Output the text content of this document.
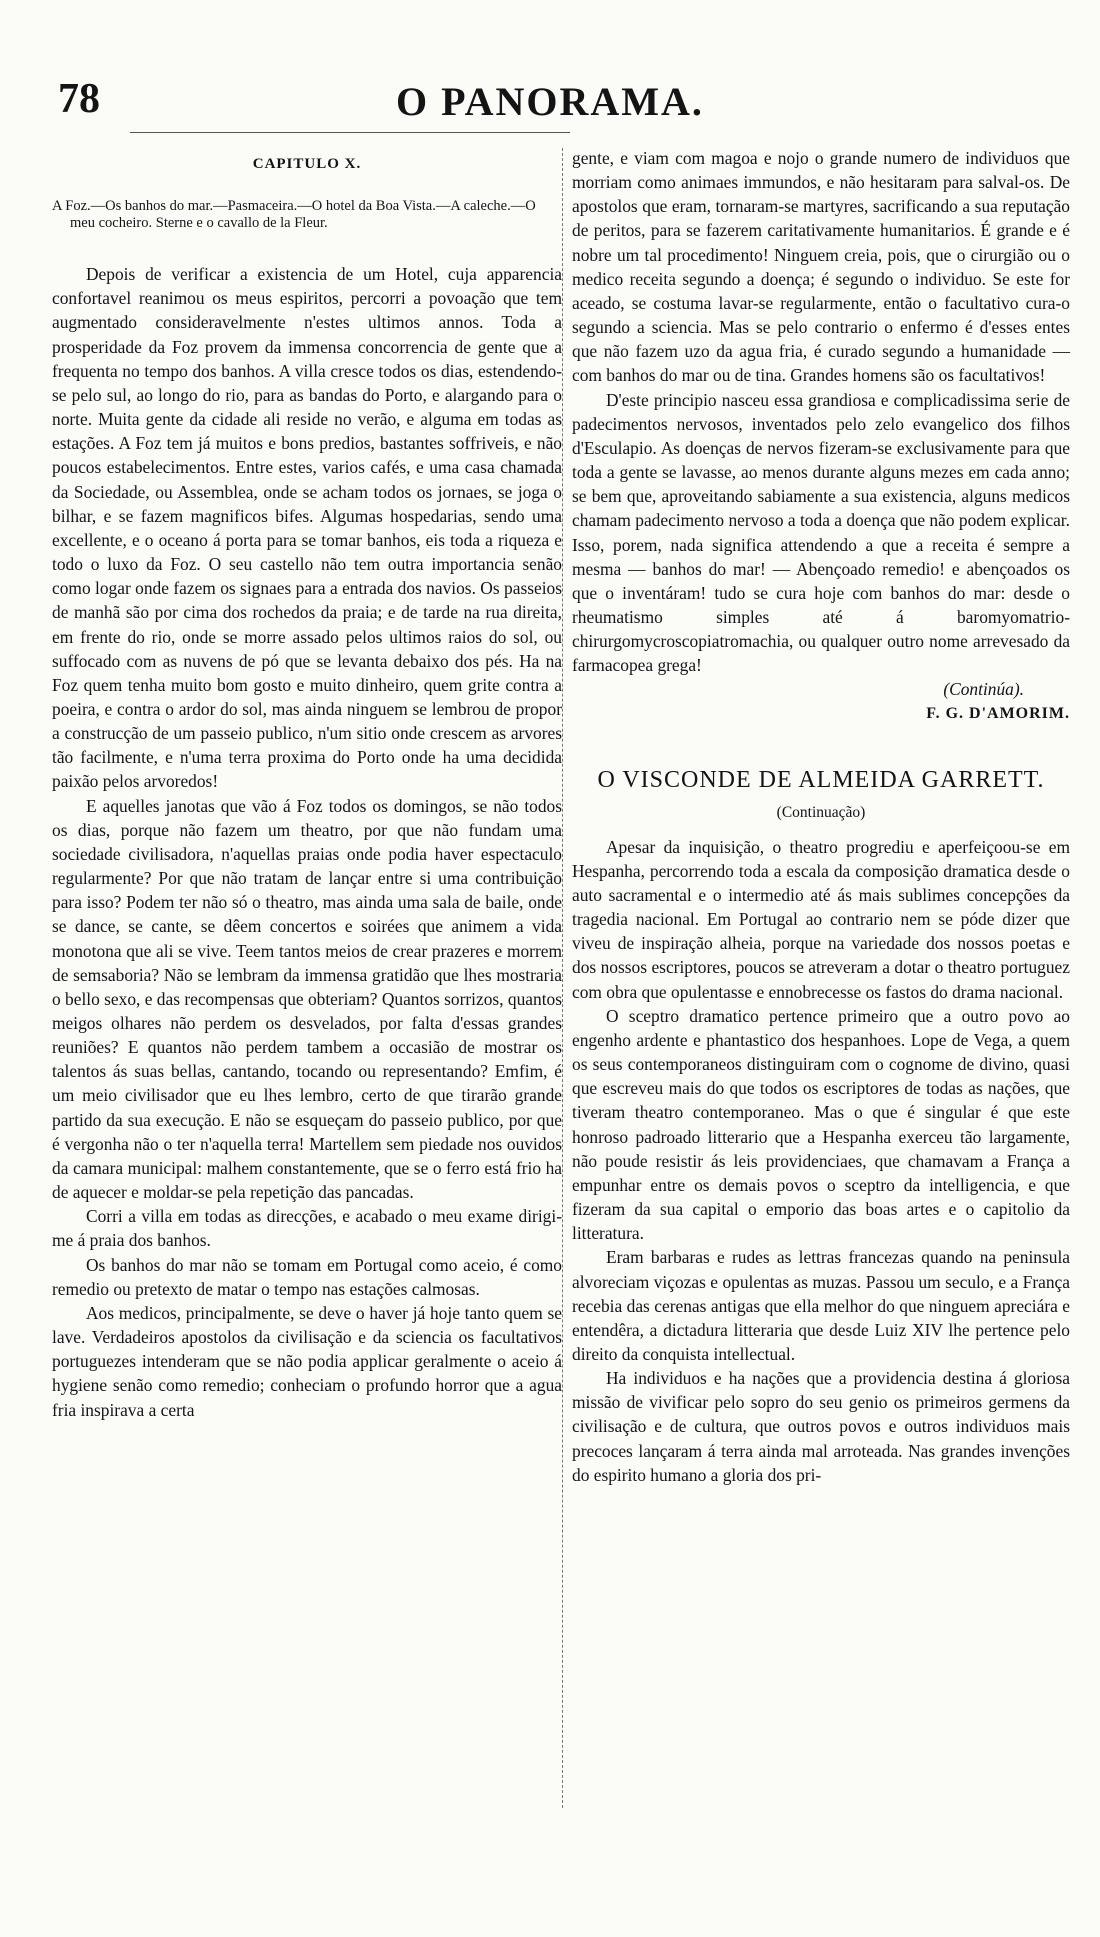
78	O PANORAMA.
CAPITULO X.

A Foz.—Os banhos do mar.—Pasmaceira.—O hotel da Boa Vista.—A caleche.—O meu cocheiro. Sterne e o cavallo de la Fleur.

Depois de verificar a existencia de um Hotel, cuja apparencia confortavel reanimou os meus espiritos, percorri a povoação que tem augmentado consideravelmente n'estes ultimos annos. Toda a prosperidade da Foz provem da immensa concorrencia de gente que a frequenta no tempo dos banhos. A villa cresce todos os dias, estendendo-se pelo sul, ao longo do rio, para as bandas do Porto, e alargando para o norte. Muita gente da cidade ali reside no verão, e alguma em todas as estações. A Foz tem já muitos e bons predios, bastantes soffriveis, e não poucos estabelecimentos. Entre estes, varios cafés, e uma casa chamada da Sociedade, ou Assemblea, onde se acham todos os jornaes, se joga o bilhar, e se fazem magnificos bifes. Algumas hospedarias, sendo uma excellente, e o oceano á porta para se tomar banhos, eis toda a riqueza e todo o luxo da Foz. O seu castello não tem outra importancia senão como logar onde fazem os signaes para a entrada dos navios. Os passeios de manhã são por cima dos rochedos da praia; e de tarde na rua direita, em frente do rio, onde se morre assado pelos ultimos raios do sol, ou suffocado com as nuvens de pó que se levanta debaixo dos pés. Ha na Foz quem tenha muito bom gosto e muito dinheiro, quem grite contra a poeira, e contra o ardor do sol, mas ainda ninguem se lembrou de propor a construcção de um passeio publico, n'um sitio onde crescem as arvores tão facilmente, e n'uma terra proxima do Porto onde ha uma decidida paixão pelos arvoredos!

E aquelles janotas que vão á Foz todos os domingos, se não todos os dias, porque não fazem um theatro, por que não fundam uma sociedade civilisadora, n'aquellas praias onde podia haver espectaculo regularmente? Por que não tratam de lançar entre si uma contribuição para isso? Podem ter não só o theatro, mas ainda uma sala de baile, onde se dance, se cante, se dêem concertos e soirées que animem a vida monotona que ali se vive. Teem tantos meios de crear prazeres e morrem de semsaboria? Não se lembram da immensa gratidão que lhes mostraria o bello sexo, e das recompensas que obteriam? Quantos sorrizos, quantos meigos olhares não perdem os desvelados, por falta d'essas grandes reuniões? E quantos não perdem tambem a occasião de mostrar os talentos ás suas bellas, cantando, tocando ou representando? Emfim, é um meio civilisador que eu lhes lembro, certo de que tirarão grande partido da sua execução. E não se esqueçam do passeio publico, por que é vergonha não o ter n'aquella terra! Martellem sem piedade nos ouvidos da camara municipal: malhem constantemente, que se o ferro está frio ha de aquecer e moldar-se pela repetição das pancadas.

Corri a villa em todas as direcções, e acabado o meu exame dirigi-me á praia dos banhos.

Os banhos do mar não se tomam em Portugal como aceio, é como remedio ou pretexto de matar o tempo nas estações calmosas.

Aos medicos, principalmente, se deve o haver já hoje tanto quem se lave. Verdadeiros apostolos da civilisação e da sciencia os facultativos portuguezes intenderam que se não podia applicar geralmente o aceio á hygiene senão como remedio; conheciam o profundo horror que a agua fria inspirava a certa

gente, e viam com magoa e nojo o grande numero de individuos que morriam como animaes immundos, e não hesitaram para salval-os. De apostolos que eram, tornaram-se martyres, sacrificando a sua reputação de peritos, para se fazerem caritativamente humanitarios. É grande e é nobre um tal procedimento! Ninguem creia, pois, que o cirurgião ou o medico receita segundo a doença; é segundo o individuo. Se este for aceado, se costuma lavar-se regularmente, então o facultativo cura-o segundo a sciencia. Mas se pelo contrario o enfermo é d'esses entes que não fazem uzo da agua fria, é curado segundo a humanidade — com banhos do mar ou de tina. Grandes homens são os facultativos!

D'este principio nasceu essa grandiosa e complicadissima serie de padecimentos nervosos, inventados pelo zelo evangelico dos filhos d'Esculapio. As doenças de nervos fizeram-se exclusivamente para que toda a gente se lavasse, ao menos durante alguns mezes em cada anno; se bem que, aproveitando sabiamente a sua existencia, alguns medicos chamam padecimento nervoso a toda a doença que não podem explicar. Isso, porem, nada significa attendendo a que a receita é sempre a mesma — banhos do mar! — Abençoado remedio! e abençoados os que o inventáram! tudo se cura hoje com banhos do mar: desde o rheumatismo simples até á baromyomatrio-chirurgomycroscopiatromachia, ou qualquer outro nome arrevesado da farmacopea grega!

(Continúa).

F. G. D'AMORIM.

O VISCONDE DE ALMEIDA GARRETT.
(Continuação)

Apesar da inquisição, o theatro progrediu e aperfeiçoou-se em Hespanha, percorrendo toda a escala da composição dramatica desde o auto sacramental e o intermedio até ás mais sublimes concepções da tragedia nacional. Em Portugal ao contrario nem se póde dizer que viveu de inspiração alheia, porque na variedade dos nossos poetas e dos nossos escriptores, poucos se atreveram a dotar o theatro portuguez com obra que opulentasse e ennobrecesse os fastos do drama nacional.

O sceptro dramatico pertence primeiro que a outro povo ao engenho ardente e phantastico dos hespanhoes. Lope de Vega, a quem os seus contemporaneos distinguiram com o cognome de divino, quasi que escreveu mais do que todos os escriptores de todas as nações, que tiveram theatro contemporaneo. Mas o que é singular é que este honroso padroado litterario que a Hespanha exerceu tão largamente, não poude resistir ás leis providenciaes, que chamavam a França a empunhar entre os demais povos o sceptro da intelligencia, e que fizeram da sua capital o emporio das boas artes e o capitolio da litteratura.

Eram barbaras e rudes as lettras francezas quando na peninsula alvoreciam viçozas e opulentas as muzas. Passou um seculo, e a França recebia das cerenas antigas que ella melhor do que ninguem apreciára e entendêra, a dictadura litteraria que desde Luiz XIV lhe pertence pelo direito da conquista intellectual.

Ha individuos e ha nações que a providencia destina á gloriosa missão de vivificar pelo sopro do seu genio os primeiros germens da civilisação e de cultura, que outros povos e outros individuos mais precoces lançaram á terra ainda mal arroteada. Nas grandes invenções do espirito humano a gloria dos pri-
